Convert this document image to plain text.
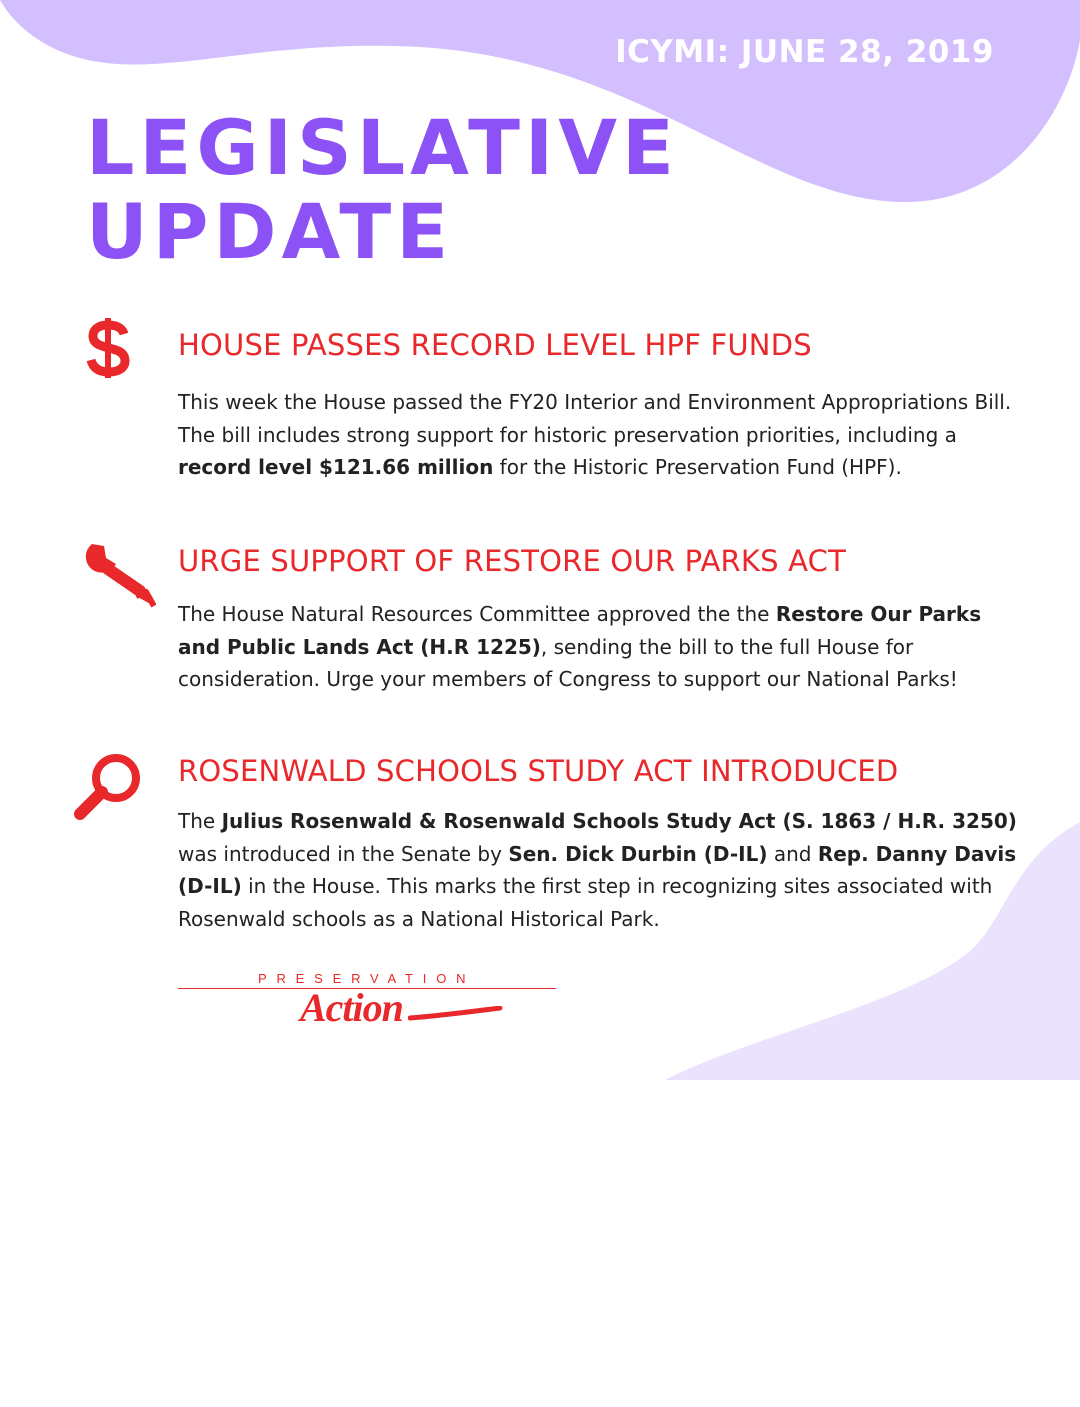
ICYMI: JUNE 28, 2019
LEGISLATIVE
UPDATE
HOUSE PASSES RECORD LEVEL HPF FUNDS

This week the House passed the FY20 Interior and Environment Appropriations Bill. The bill includes strong support for historic preservation priorities, including a record level $121.66 million for the Historic Preservation Fund (HPF).

URGE SUPPORT OF RESTORE OUR PARKS ACT

The House Natural Resources Committee approved the the Restore Our Parks and Public Lands Act (H.R 1225), sending the bill to the full House for consideration. Urge your members of Congress to support our National Parks!

ROSENWALD SCHOOLS STUDY ACT INTRODUCED

The Julius Rosenwald & Rosenwald Schools Study Act (S. 1863 / H.R. 3250) was introduced in the Senate by Sen. Dick Durbin (D-IL) and Rep. Danny Davis (D-IL) in the House. This marks the first step in recognizing sites associated with Rosenwald schools as a National Historical Park.

PRESERVATION
Action
